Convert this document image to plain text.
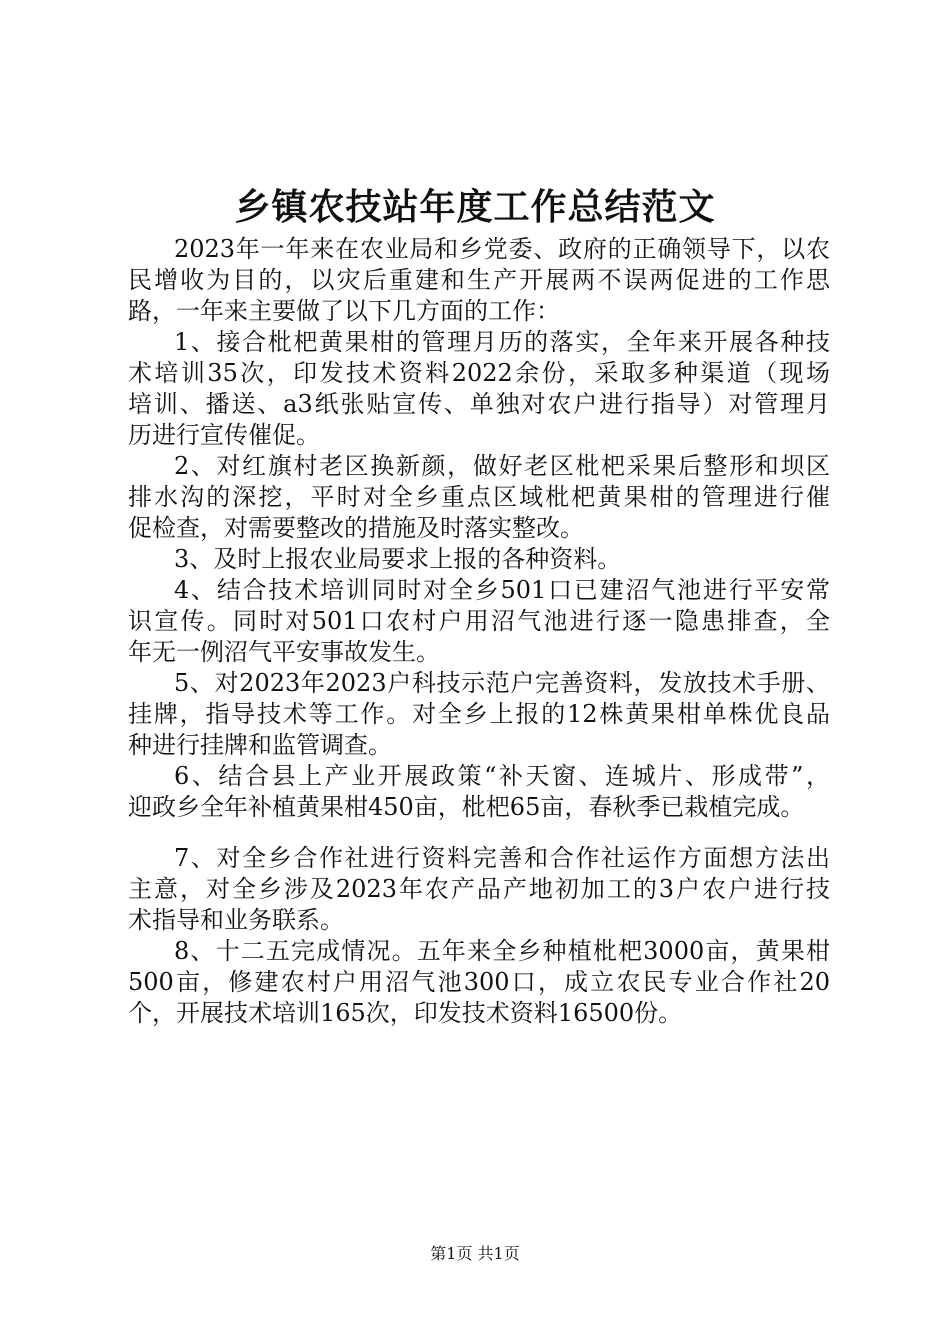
乡镇农技站年度工作总结范文
2023年一年来在农业局和乡党委、政府的正确领导下，以农
民增收为目的，以灾后重建和生产开展两不误两促进的工作思
路，一年来主要做了以下几方面的工作：
1、接合枇杷黄果柑的管理月历的落实，全年来开展各种技
术培训35次，印发技术资料2022余份，采取多种渠道（现场
培训、播送、a3纸张贴宣传、单独对农户进行指导）对管理月
历进行宣传催促。
2、对红旗村老区换新颜，做好老区枇杷采果后整形和坝区
排水沟的深挖，平时对全乡重点区域枇杷黄果柑的管理进行催
促检查，对需要整改的措施及时落实整改。
3、及时上报农业局要求上报的各种资料。
4、结合技术培训同时对全乡501口已建沼气池进行平安常
识宣传。同时对501口农村户用沼气池进行逐一隐患排查，全
年无一例沼气平安事故发生。
5、对2023年2023户科技示范户完善资料，发放技术手册、
挂牌，指导技术等工作。对全乡上报的12株黄果柑单株优良品
种进行挂牌和监管调查。
6、结合县上产业开展政策“补天窗、连城片、形成带”，
迎政乡全年补植黄果柑450亩，枇杷65亩，春秋季已栽植完成。
7、对全乡合作社进行资料完善和合作社运作方面想方法出
主意，对全乡涉及2023年农产品产地初加工的3户农户进行技
术指导和业务联系。
8、十二五完成情况。五年来全乡种植枇杷3000亩，黄果柑
500亩，修建农村户用沼气池300口，成立农民专业合作社20
个，开展技术培训165次，印发技术资料16500份。
第1页 共1页
